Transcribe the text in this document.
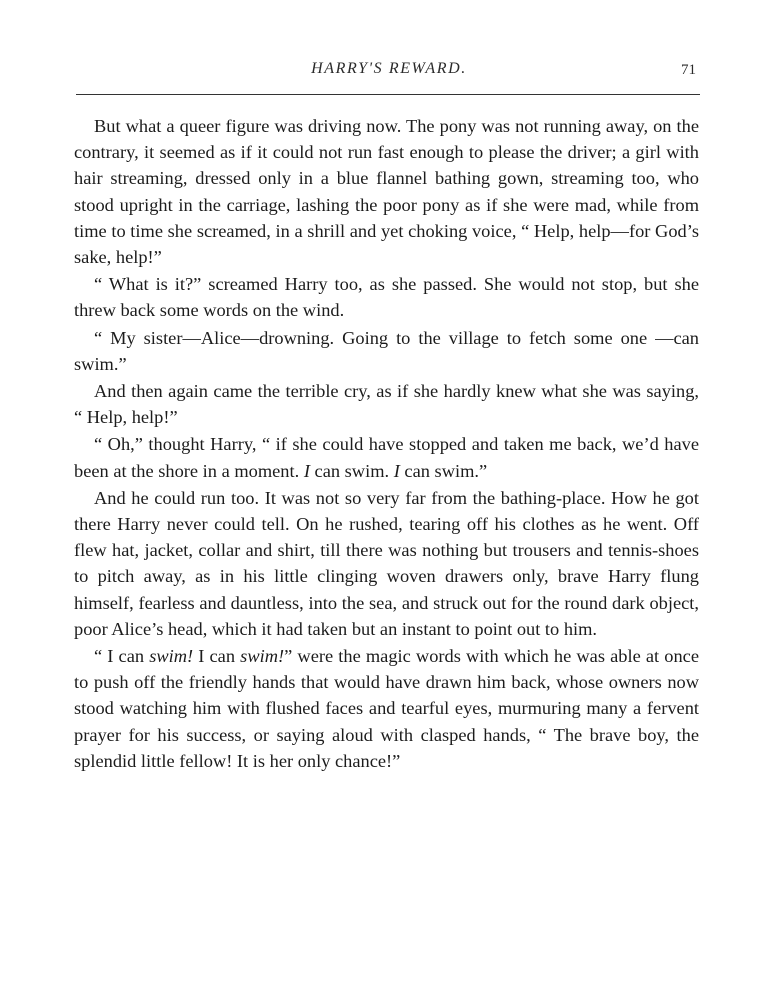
HARRY'S REWARD.	71

But what a queer figure was driving now. The pony was not running away, on the contrary, it seemed as if it could not run fast enough to please the driver; a girl with hair streaming, dressed only in a blue flannel bathing gown, streaming too, who stood upright in the carriage, lashing the poor pony as if she were mad, while from time to time she screamed, in a shrill and yet choking voice, “ Help, help—for God’s sake, help!”

“ What is it?” screamed Harry too, as she passed. She would not stop, but she threw back some words on the wind.

“ My sister—Alice—drowning. Going to the village to fetch some one —can swim.”

And then again came the terrible cry, as if she hardly knew what she was saying, “ Help, help!”

“ Oh,” thought Harry, “ if she could have stopped and taken me back, we’d have been at the shore in a moment. I can swim. I can swim.”

And he could run too. It was not so very far from the bathing-place. How he got there Harry never could tell. On he rushed, tearing off his clothes as he went. Off flew hat, jacket, collar and shirt, till there was nothing but trousers and tennis-shoes to pitch away, as in his little clinging woven drawers only, brave Harry flung himself, fearless and dauntless, into the sea, and struck out for the round dark object, poor Alice’s head, which it had taken but an instant to point out to him.

“ I can swim! I can swim!” were the magic words with which he was able at once to push off the friendly hands that would have drawn him back, whose owners now stood watching him with flushed faces and tearful eyes, murmuring many a fervent prayer for his success, or saying aloud with clasped hands, “ The brave boy, the splendid little fellow! It is her only chance!”
